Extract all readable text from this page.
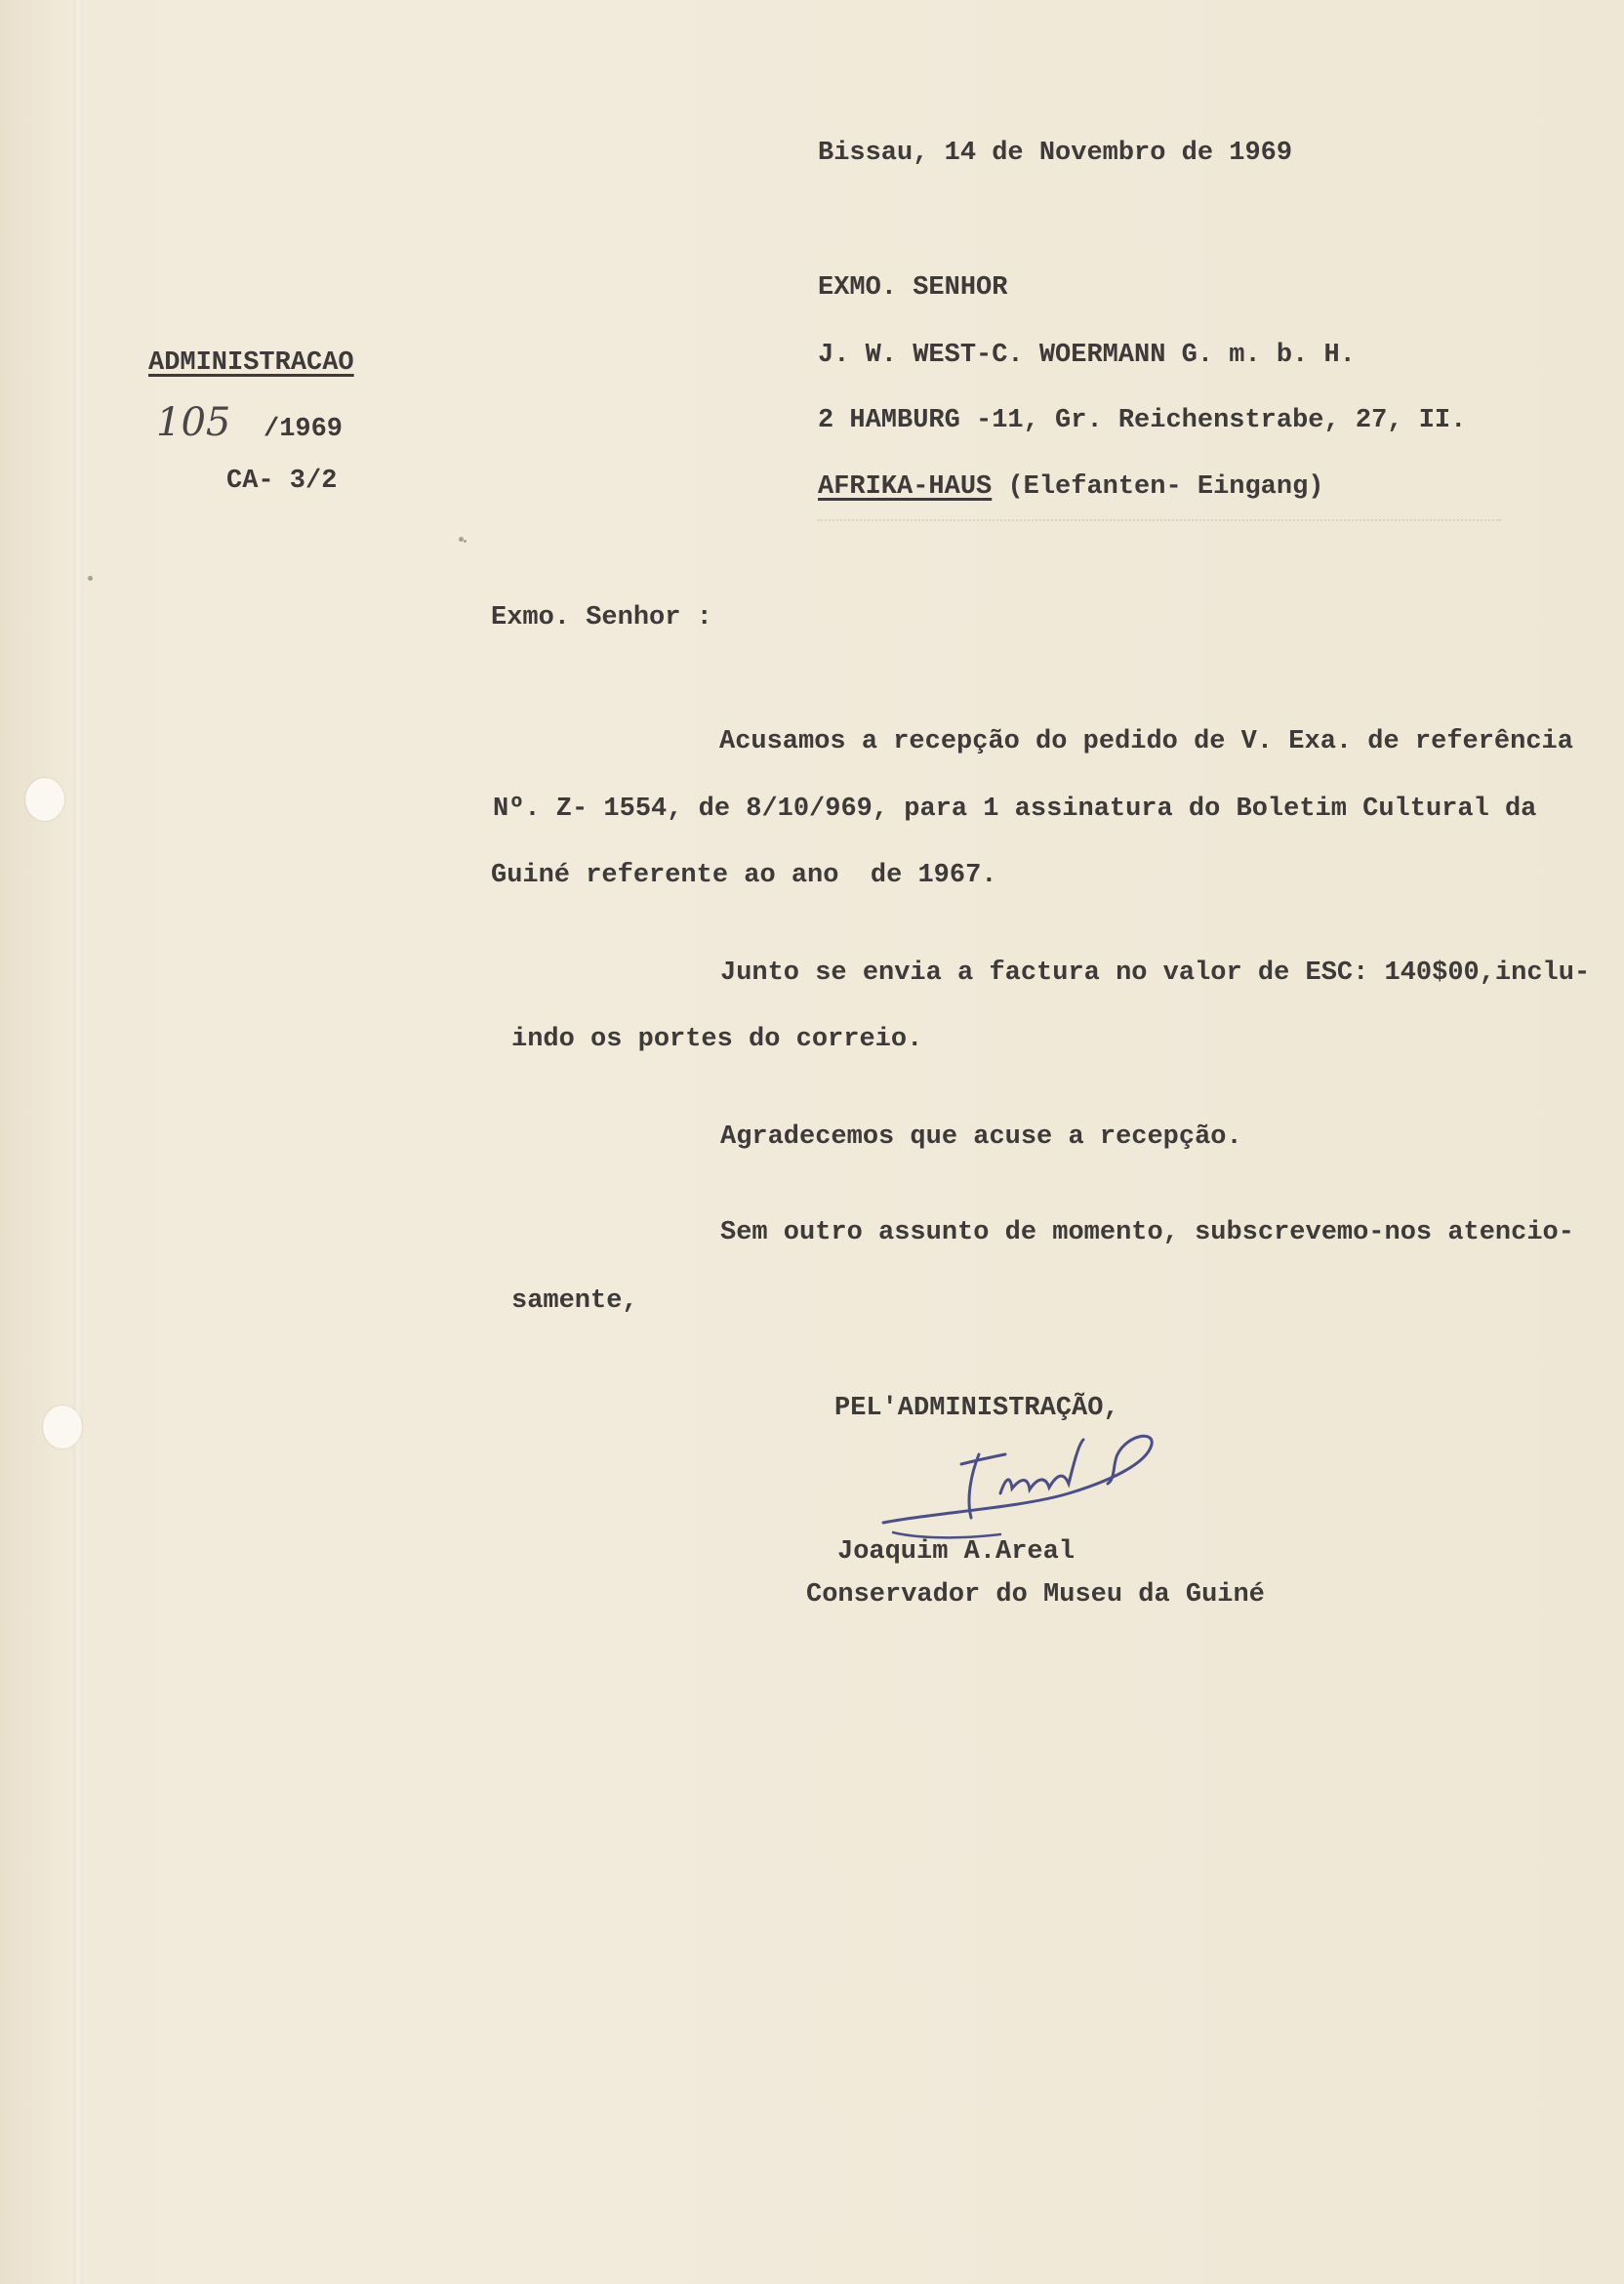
Bissau, 14 de Novembro de 1969
EXMO. SENHOR
J. W. WEST-C. WOERMANN G. m. b. H.
2 HAMBURG -11, Gr. Reichenstrabe, 27, II.
AFRIKA-HAUS (Elefanten- Eingang)
ADMINISTRACAO
105 /1969
CA- 3/2
Exmo. Senhor :
Acusamos a recepção do pedido de V. Exa. de referência
Nº. Z- 1554, de 8/10/969, para 1 assinatura do Boletim Cultural da
Guiné referente ao ano  de 1967.
Junto se envia a factura no valor de ESC: 140$00,inclu-
indo os portes do correio.
Agradecemos que acuse a recepção.
Sem outro assunto de momento, subscrevemo-nos atencio-
samente,
PEL'ADMINISTRAÇÃO,
Joaquim A.Areal
Conservador do Museu da Guiné
